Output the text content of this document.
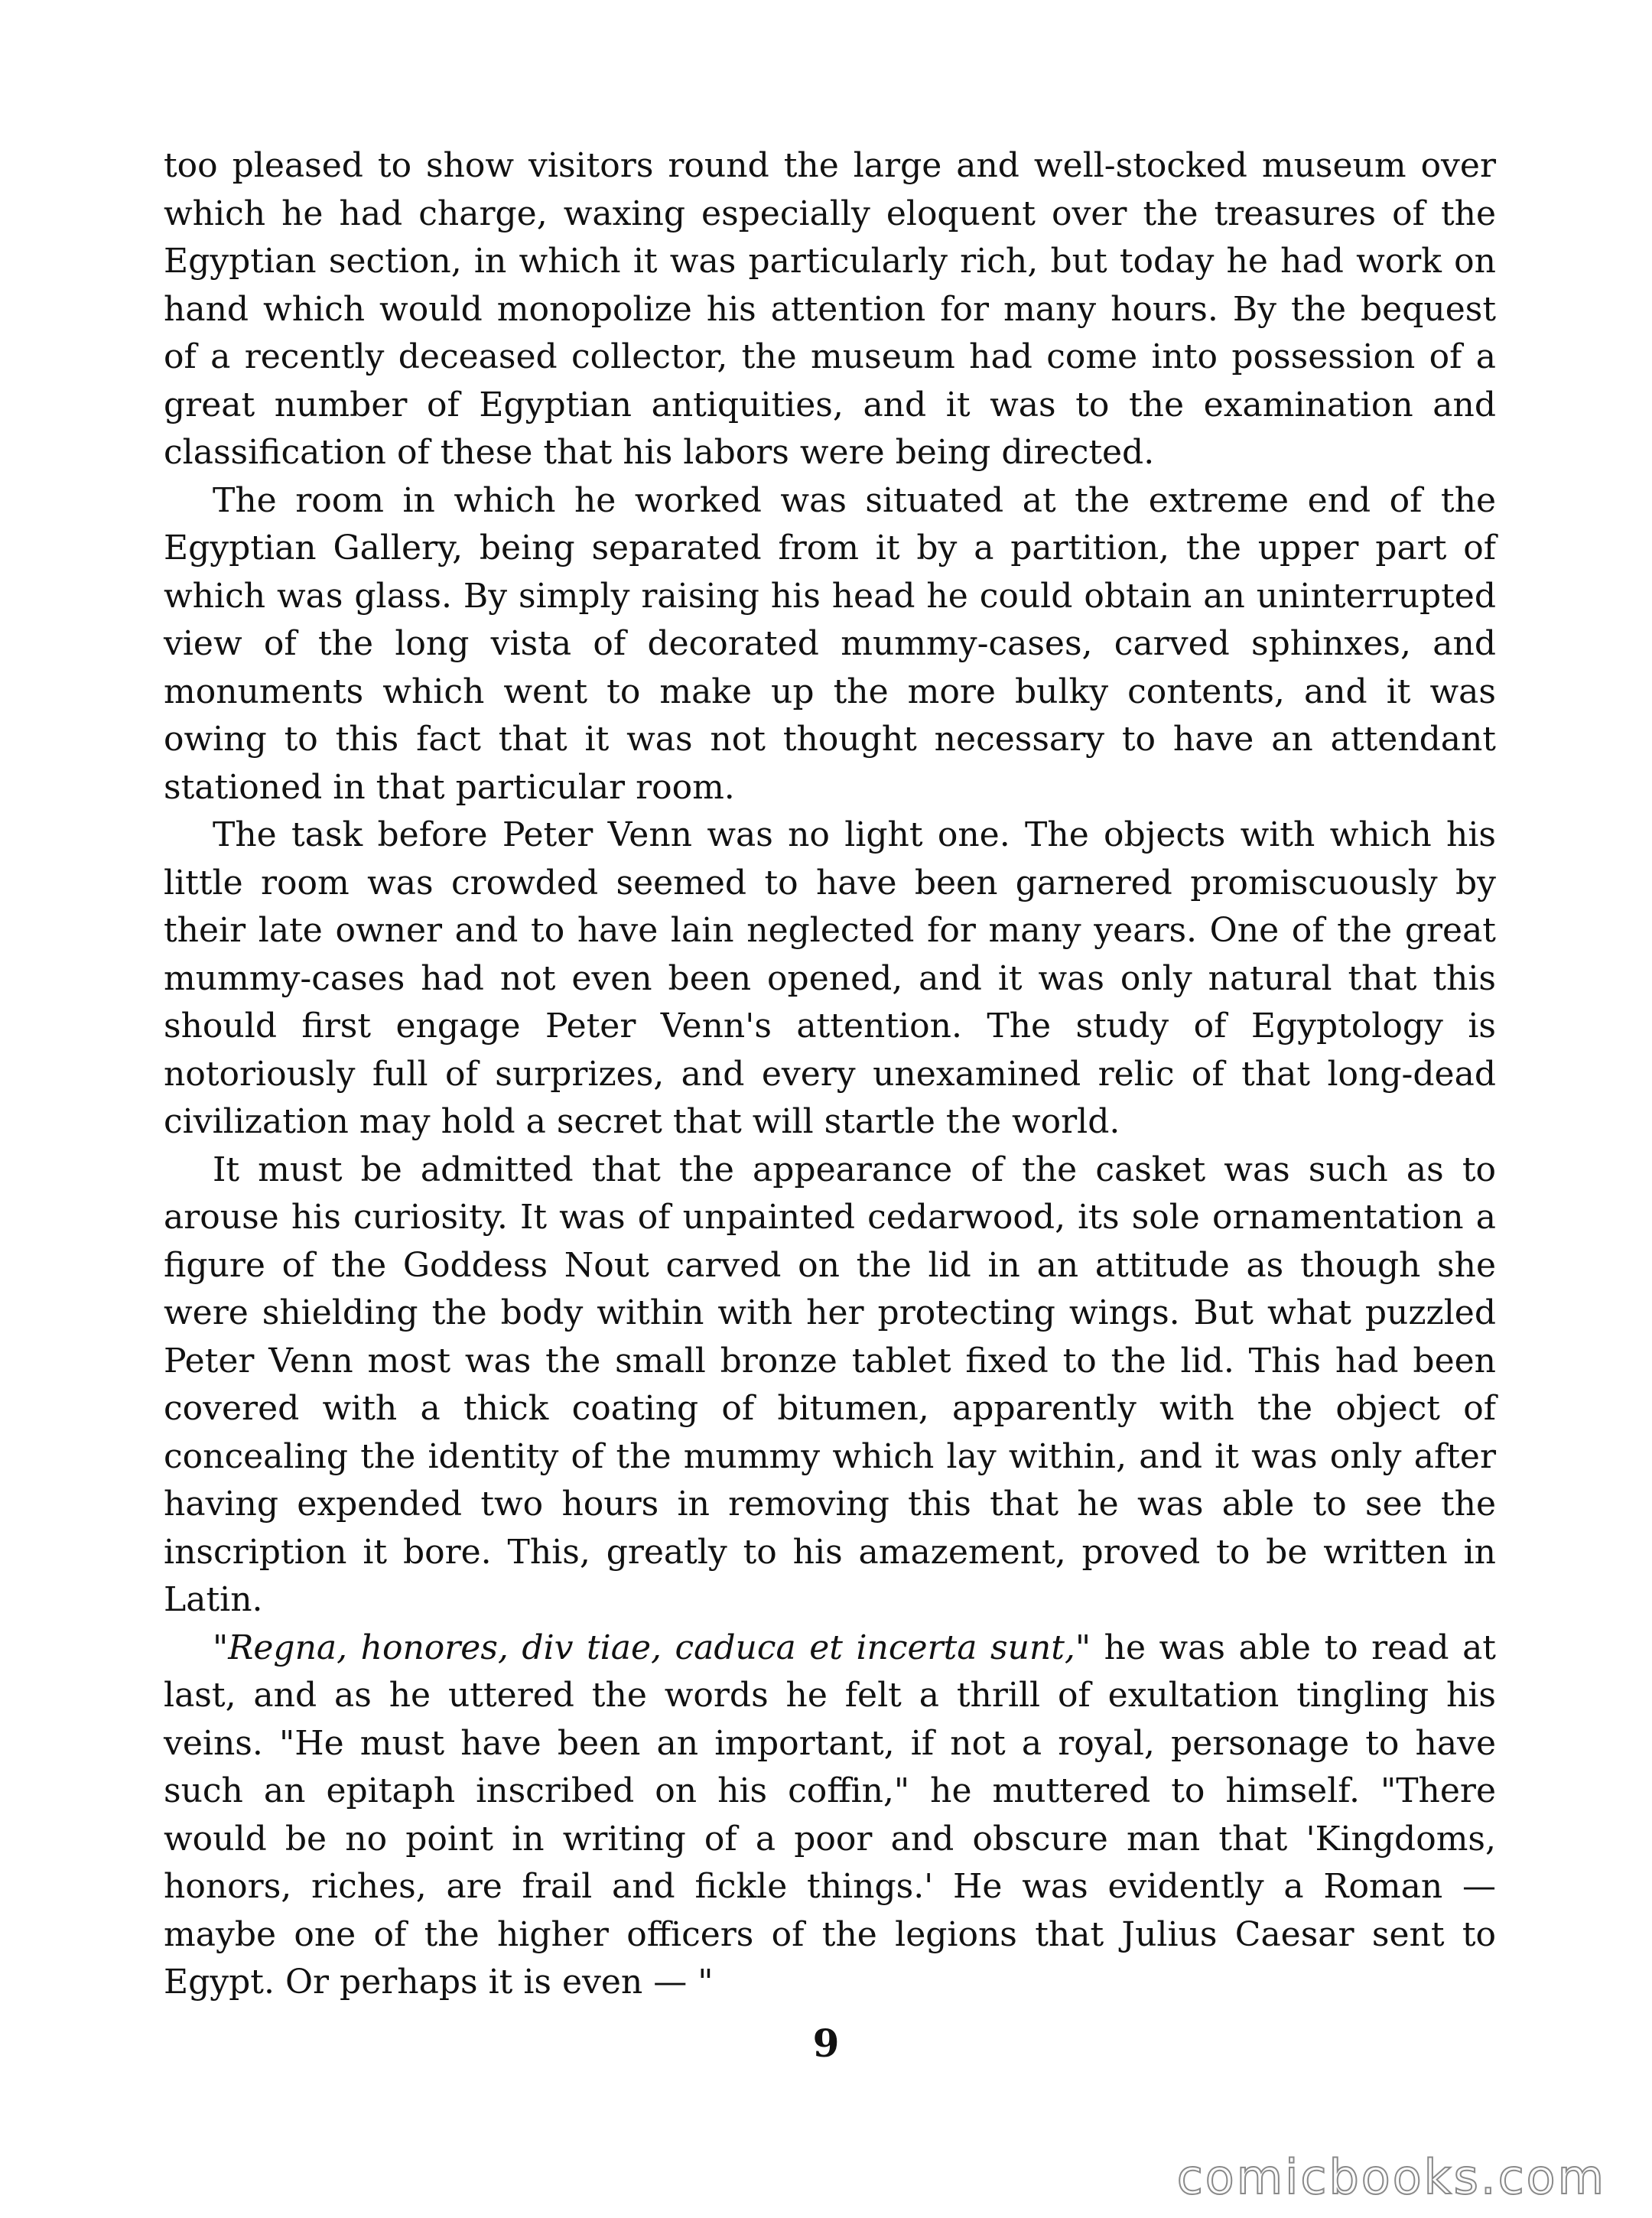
too pleased to show visitors round the large and well-stocked museum over which he had charge, waxing especially eloquent over the treasures of the Egyptian section, in which it was particularly rich, but today he had work on hand which would monopolize his attention for many hours. By the bequest of a recently deceased collector, the museum had come into possession of a great number of Egyptian antiquities, and it was to the examination and classification of these that his labors were being directed.

The room in which he worked was situated at the extreme end of the Egyptian Gallery, being separated from it by a partition, the upper part of which was glass. By simply raising his head he could obtain an uninterrupted view of the long vista of decorated mummy-cases, carved sphinxes, and monuments which went to make up the more bulky contents, and it was owing to this fact that it was not thought necessary to have an attendant stationed in that particular room.

The task before Peter Venn was no light one. The objects with which his little room was crowded seemed to have been garnered promiscuously by their late owner and to have lain neglected for many years. One of the great mummy-cases had not even been opened, and it was only natural that this should first engage Peter Venn's attention. The study of Egyptology is notoriously full of surprizes, and every unexamined relic of that long-dead civilization may hold a secret that will startle the world.

It must be admitted that the appearance of the casket was such as to arouse his curiosity. It was of unpainted cedarwood, its sole ornamentation a figure of the Goddess Nout carved on the lid in an attitude as though she were shielding the body within with her protecting wings. But what puzzled Peter Venn most was the small bronze tablet fixed to the lid. This had been covered with a thick coating of bitumen, apparently with the object of concealing the identity of the mummy which lay within, and it was only after having expended two hours in removing this that he was able to see the inscription it bore. This, greatly to his amazement, proved to be written in Latin.

"Regna, honores, div tiae, caduca et incerta sunt," he was able to read at last, and as he uttered the words he felt a thrill of exultation tingling his veins. "He must have been an important, if not a royal, personage to have such an epitaph inscribed on his coffin," he muttered to himself. "There would be no point in writing of a poor and obscure man that 'Kingdoms, honors, riches, are frail and fickle things.' He was evidently a Roman — maybe one of the higher officers of the legions that Julius Caesar sent to Egypt. Or perhaps it is even — "

9
comicbooks.com
